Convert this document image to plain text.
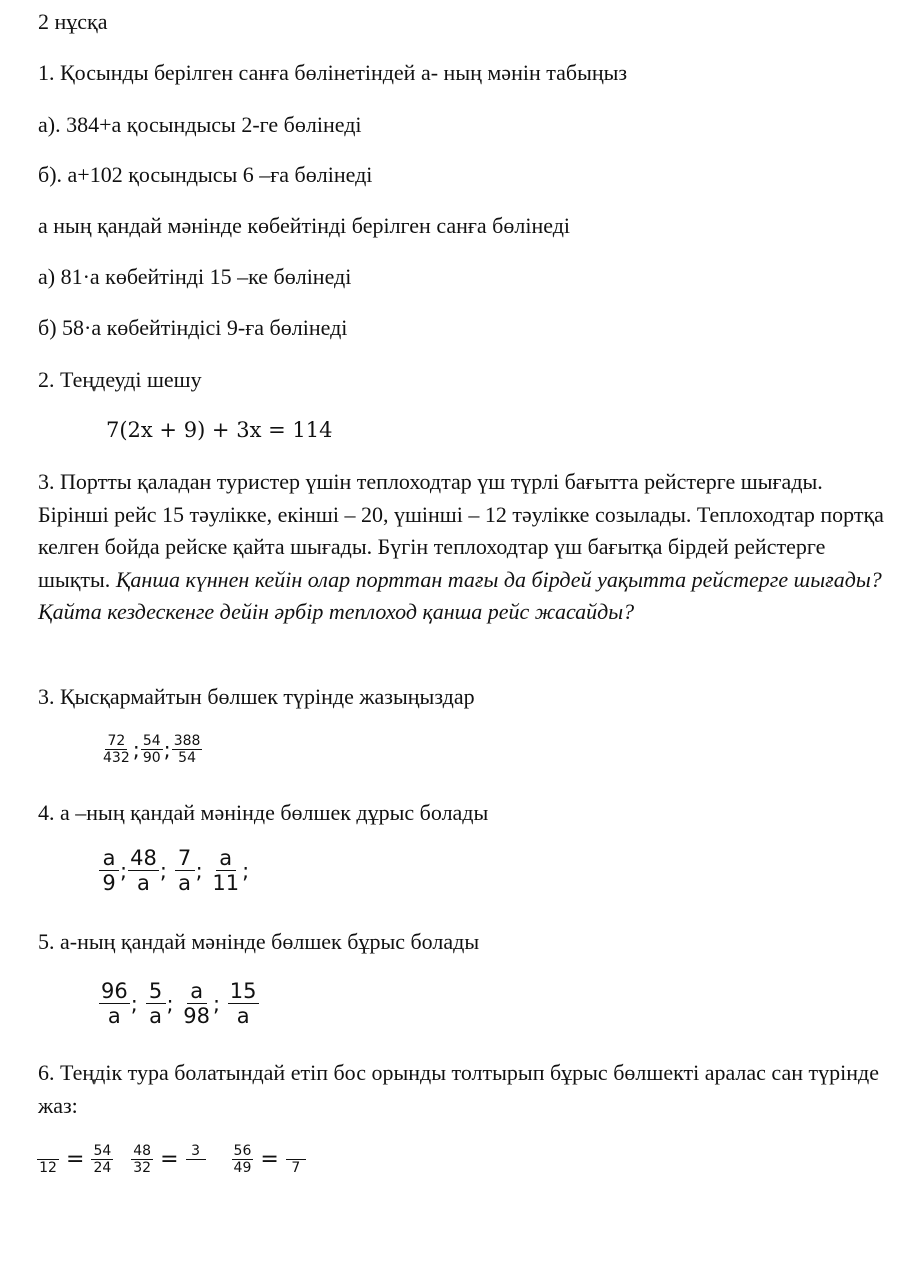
2 нұсқа
1. Қосынды берілген санға бөлінетіндей а- ның мәнін табыңыз
а). 384+а қосындысы 2-ге бөлінеді
б). а+102 қосындысы 6 –ға бөлінеді
а ның қандай мәнінде көбейтінді берілген санға бөлінеді
а) 81·а көбейтінді 15 –ке бөлінеді
б) 58·а көбейтіндісі 9-ға бөлінеді
2. Теңдеуді шешу
7(2x + 9) + 3x = 114
3. Портты қаладан туристер үшін теплоходтар үш түрлі бағытта рейстерге шығады. Бірінші рейс 15 тәулікке, екінші – 20, үшінші – 12 тәулікке созылады. Теплоходтар портқа келген бойда рейске қайта шығады. Бүгін теплоходтар үш бағытқа бірдей рейстерге шықты. Қанша күннен кейін олар порттан тағы да бірдей уақытта рейстерге шығады? Қайта кездескенге дейін әрбір теплоход қанша рейс жасайды?
3. Қысқармайтын бөлшек түрінде жазыңыздар
$\frac{72}{432}$ ; $\frac{54}{90}$ ; $\frac{388}{54}$
4. а –ның қандай мәнінде бөлшек дұрыс болады
$\frac{а}{9}$ ; $\frac{48}{а}$ ;
$\frac{7}{а}$ ;
$\frac{а}{11}$ ;
5. а-ның қандай мәнінде бөлшек бұрыс болады
$\frac{96}{а}$ ;
$\frac{5}{а}$ ;
$\frac{а}{98}$ ;
$\frac{15}{а}$
6. Теңдік тура болатындай етіп бос орынды толтырып бұрыс бөлшекті аралас сан түрінде жаз:
$12 = \frac{54}{24} \frac{48}{32} = 3$	$\frac{56}{49} = 7$
